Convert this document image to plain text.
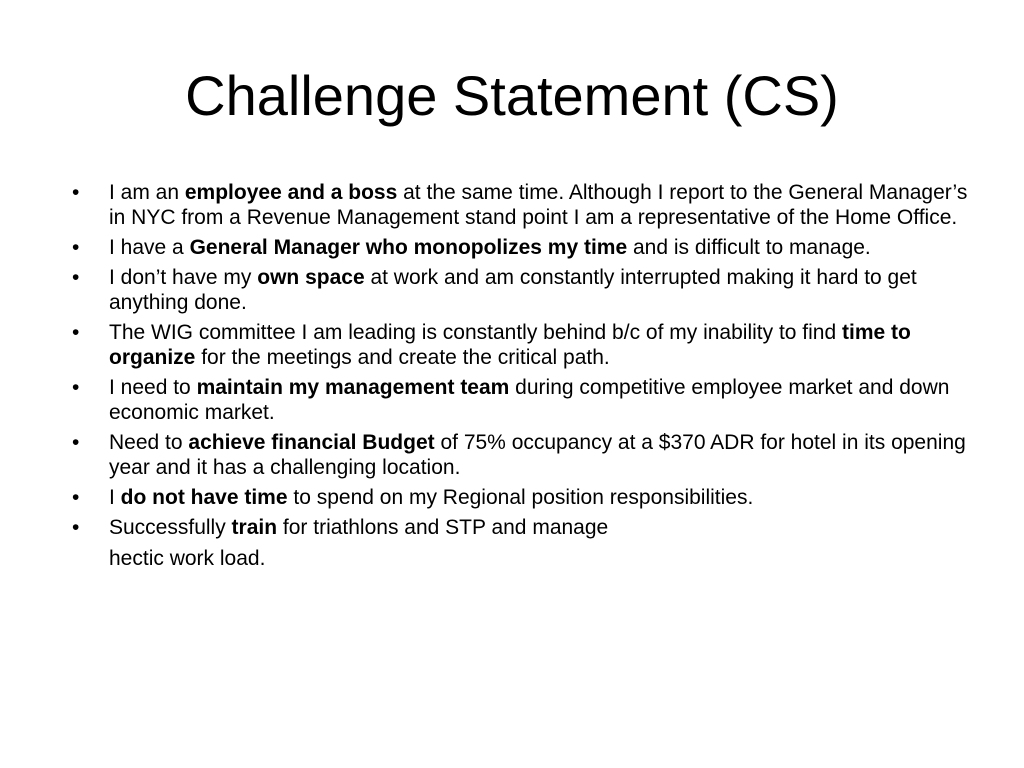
Challenge Statement (CS)
•	I am an employee and a boss at the same time. Although I report to the General Manager’s in NYC from a Revenue Management stand point I am a representative of the Home Office.
•	I have a General Manager who monopolizes my time and is difficult to manage.
•	I don’t have my own space at work and am constantly interrupted making it hard to get anything done.
•	The WIG committee I am leading is constantly behind b/c of my inability to find time to organize for the meetings and create the critical path.
•	I need to maintain my management team during competitive employee market and down economic market.
•	Need to achieve financial Budget of 75% occupancy at a $370 ADR for hotel in its opening year and it has a challenging location.
•	I do not have time to spend on my Regional position responsibilities.
•	Successfully train for triathlons and STP and manage
hectic work load.
